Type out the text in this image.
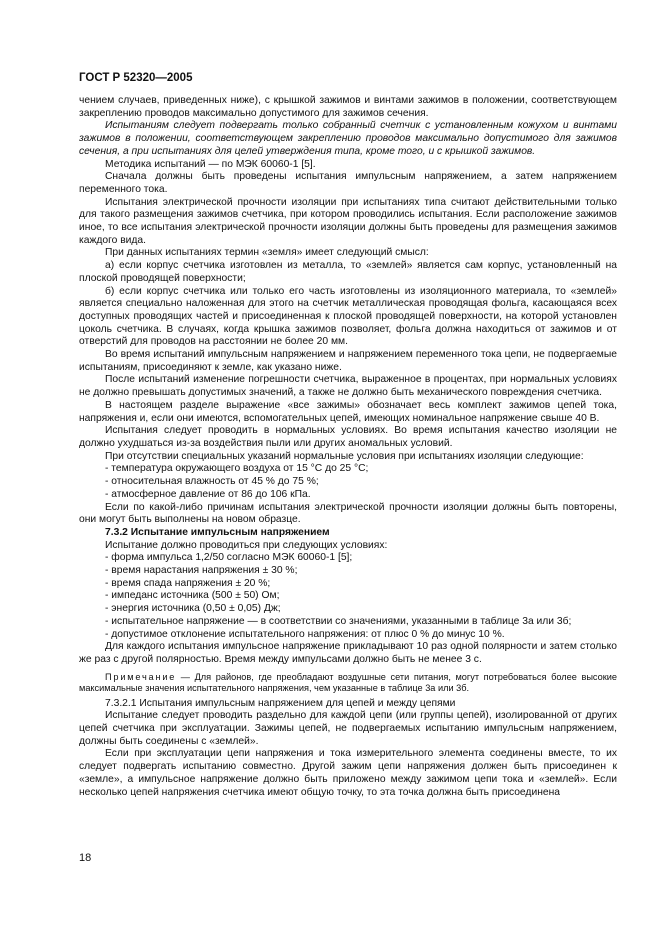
ГОСТ Р 52320—2005

чением случаев, приведенных ниже), с крышкой зажимов и винтами зажимов в положении, соответствующем закреплению проводов максимально допустимого для зажимов сечения.

Испытаниям следует подвергать только собранный счетчик с установленным кожухом и винтами зажимов в положении, соответствующем закреплению проводов максимально допустимого для зажимов сечения, а при испытаниях для целей утверждения типа, кроме того, и с крышкой зажимов.

Методика испытаний — по МЭК 60060-1 [5].

Сначала должны быть проведены испытания импульсным напряжением, а затем напряжением переменного тока.

Испытания электрической прочности изоляции при испытаниях типа считают действительными только для такого размещения зажимов счетчика, при котором проводились испытания. Если расположение зажимов иное, то все испытания электрической прочности изоляции должны быть проведены для размещения зажимов каждого вида.

При данных испытаниях термин «земля» имеет следующий смысл:

а) если корпус счетчика изготовлен из металла, то «землей» является сам корпус, установленный на плоской проводящей поверхности;

б) если корпус счетчика или только его часть изготовлены из изоляционного материала, то «землей» является специально наложенная для этого на счетчик металлическая проводящая фольга, касающаяся всех доступных проводящих частей и присоединенная к плоской проводящей поверхности, на которой установлен цоколь счетчика. В случаях, когда крышка зажимов позволяет, фольга должна находиться от зажимов и от отверстий для проводов на расстоянии не более 20 мм.

Во время испытаний импульсным напряжением и напряжением переменного тока цепи, не подвергаемые испытаниям, присоединяют к земле, как указано ниже.

После испытаний изменение погрешности счетчика, выраженное в процентах, при нормальных условиях не должно превышать допустимых значений, а также не должно быть механического повреждения счетчика.

В настоящем разделе выражение «все зажимы» обозначает весь комплект зажимов цепей тока, напряжения и, если они имеются, вспомогательных цепей, имеющих номинальное напряжение свыше 40 В.

Испытания следует проводить в нормальных условиях. Во время испытания качество изоляции не должно ухудшаться из-за воздействия пыли или других аномальных условий.

При отсутствии специальных указаний нормальные условия при испытаниях изоляции следующие:

- температура окружающего воздуха от 15 °С до 25 °С;

- относительная влажность от 45 % до 75 %;

- атмосферное давление от 86 до 106 кПа.

Если по какой-либо причинам испытания электрической прочности изоляции должны быть повторены, они могут быть выполнены на новом образце.

7.3.2 Испытание импульсным напряжением

Испытание должно проводиться при следующих условиях:

- форма импульса 1,2/50 согласно МЭК 60060-1 [5];

- время нарастания напряжения ± 30 %;

- время спада напряжения ± 20 %;

- импеданс источника (500 ± 50) Ом;

- энергия источника (0,50 ± 0,05) Дж;

- испытательное напряжение — в соответствии со значениями, указанными в таблице 3а или 3б;

- допустимое отклонение испытательного напряжения: от плюс 0 % до минус 10 %.

Для каждого испытания импульсное напряжение прикладывают 10 раз одной полярности и затем столько же раз с другой полярностью. Время между импульсами должно быть не менее 3 с.

Примечание — Для районов, где преобладают воздушные сети питания, могут потребоваться более высокие максимальные значения испытательного напряжения, чем указанные в таблице 3а или 3б.

7.3.2.1 Испытания импульсным напряжением для цепей и между цепями

Испытание следует проводить раздельно для каждой цепи (или группы цепей), изолированной от других цепей счетчика при эксплуатации. Зажимы цепей, не подвергаемых испытанию импульсным напряжением, должны быть соединены с «землей».

Если при эксплуатации цепи напряжения и тока измерительного элемента соединены вместе, то их следует подвергать испытанию совместно. Другой зажим цепи напряжения должен быть присоединен к «земле», а импульсное напряжение должно быть приложено между зажимом цепи тока и «землей». Если несколько цепей напряжения счетчика имеют общую точку, то эта точка должна быть присоединена

18
